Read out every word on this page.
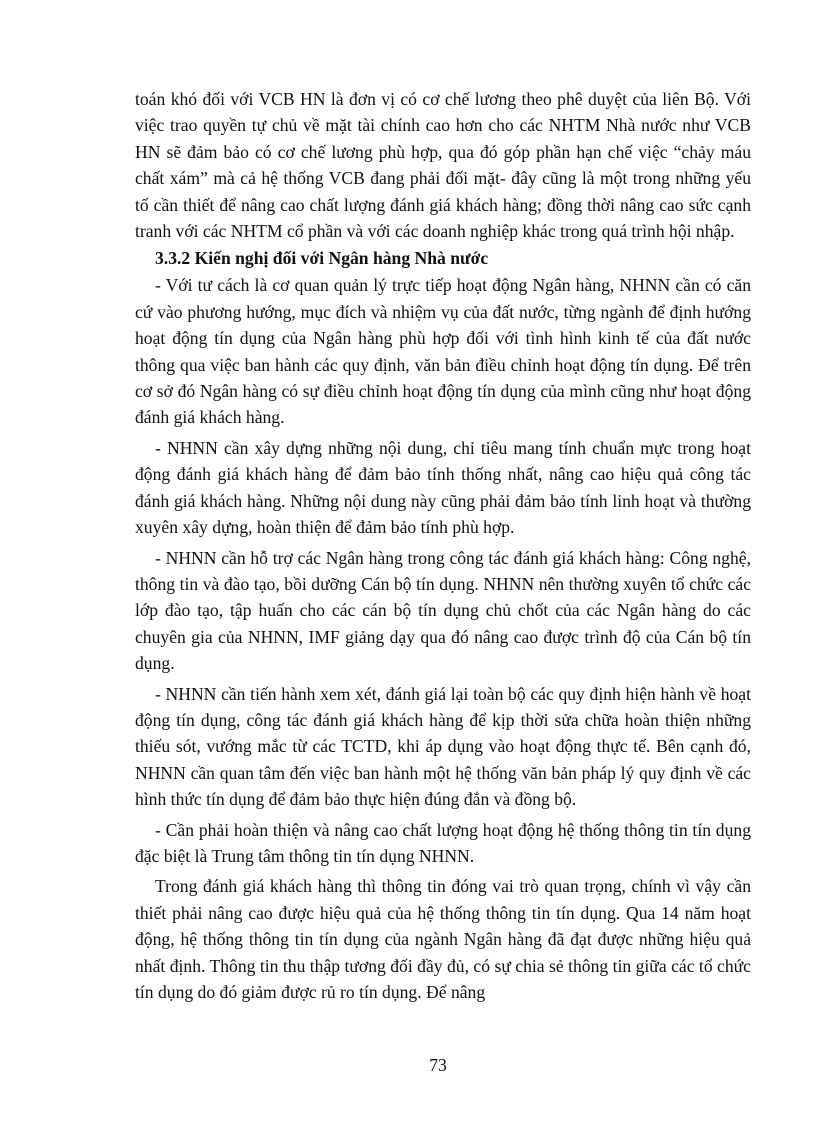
toán khó đối với VCB HN là đơn vị có cơ chế lương theo phê duyệt của liên Bộ. Với việc trao quyền tự chủ về mặt tài chính cao hơn cho các NHTM Nhà nước như VCB HN sẽ đảm bảo có cơ chế lương phù hợp, qua đó góp phần hạn chế việc “chảy máu chất xám” mà cả hệ thống VCB đang phải đối mặt- đây cũng là một trong những yếu tố cần thiết để nâng cao chất lượng đánh giá khách hàng; đồng thời nâng cao sức cạnh tranh với các NHTM cổ phần và với các doanh nghiệp khác trong quá trình hội nhập.

3.3.2 Kiến nghị đối với Ngân hàng Nhà nước

- Với tư cách là cơ quan quản lý trực tiếp hoạt động Ngân hàng, NHNN cần có căn cứ vào phương hướng, mục đích và nhiệm vụ của đất nước, từng ngành để định hướng hoạt động tín dụng của Ngân hàng phù hợp đối với tình hình kinh tế của đất nước thông qua việc ban hành các quy định, văn bản điều chỉnh hoạt động tín dụng. Để trên cơ sở đó Ngân hàng có sự điều chỉnh hoạt động tín dụng của mình cũng như hoạt động đánh giá khách hàng.

- NHNN cần xây dựng những nội dung, chỉ tiêu mang tính chuẩn mực trong hoạt động đánh giá khách hàng để đảm bảo tính thống nhất, nâng cao hiệu quả công tác đánh giá khách hàng. Những nội dung này cũng phải đảm bảo tính linh hoạt và thường xuyên xây dựng, hoàn thiện để đảm bảo tính phù hợp.

- NHNN cần hỗ trợ các Ngân hàng trong công tác đánh giá khách hàng: Công nghệ, thông tin và đào tạo, bồi dưỡng Cán bộ tín dụng. NHNN nên thường xuyên tổ chức các lớp đào tạo, tập huấn cho các cán bộ tín dụng chủ chốt của các Ngân hàng do các chuyên gia của NHNN, IMF giảng dạy qua đó nâng cao được trình độ của Cán bộ tín dụng.

- NHNN cần tiến hành xem xét, đánh giá lại toàn bộ các quy định hiện hành về hoạt động tín dụng, công tác đánh giá khách hàng để kịp thời sửa chữa hoàn thiện những thiếu sót, vướng mắc từ các TCTD, khi áp dụng vào hoạt động thực tế. Bên cạnh đó, NHNN cần quan tâm đến việc ban hành một hệ thống văn bản pháp lý quy định về các hình thức tín dụng để đảm bảo thực hiện đúng đắn và đồng bộ.

- Cần phải hoàn thiện và nâng cao chất lượng hoạt động hệ thống thông tin tín dụng đặc biệt là Trung tâm thông tin tín dụng NHNN.

Trong đánh giá khách hàng thì thông tin đóng vai trò quan trọng, chính vì vậy cần thiết phải nâng cao được hiệu quả của hệ thống thông tin tín dụng. Qua 14 năm hoạt động, hệ thống thông tin tín dụng của ngành Ngân hàng đã đạt được những hiệu quả nhất định. Thông tin thu thập tương đối đầy đủ, có sự chia sẻ thông tin giữa các tổ chức tín dụng do đó giảm được rủ ro tín dụng. Để nâng

73
